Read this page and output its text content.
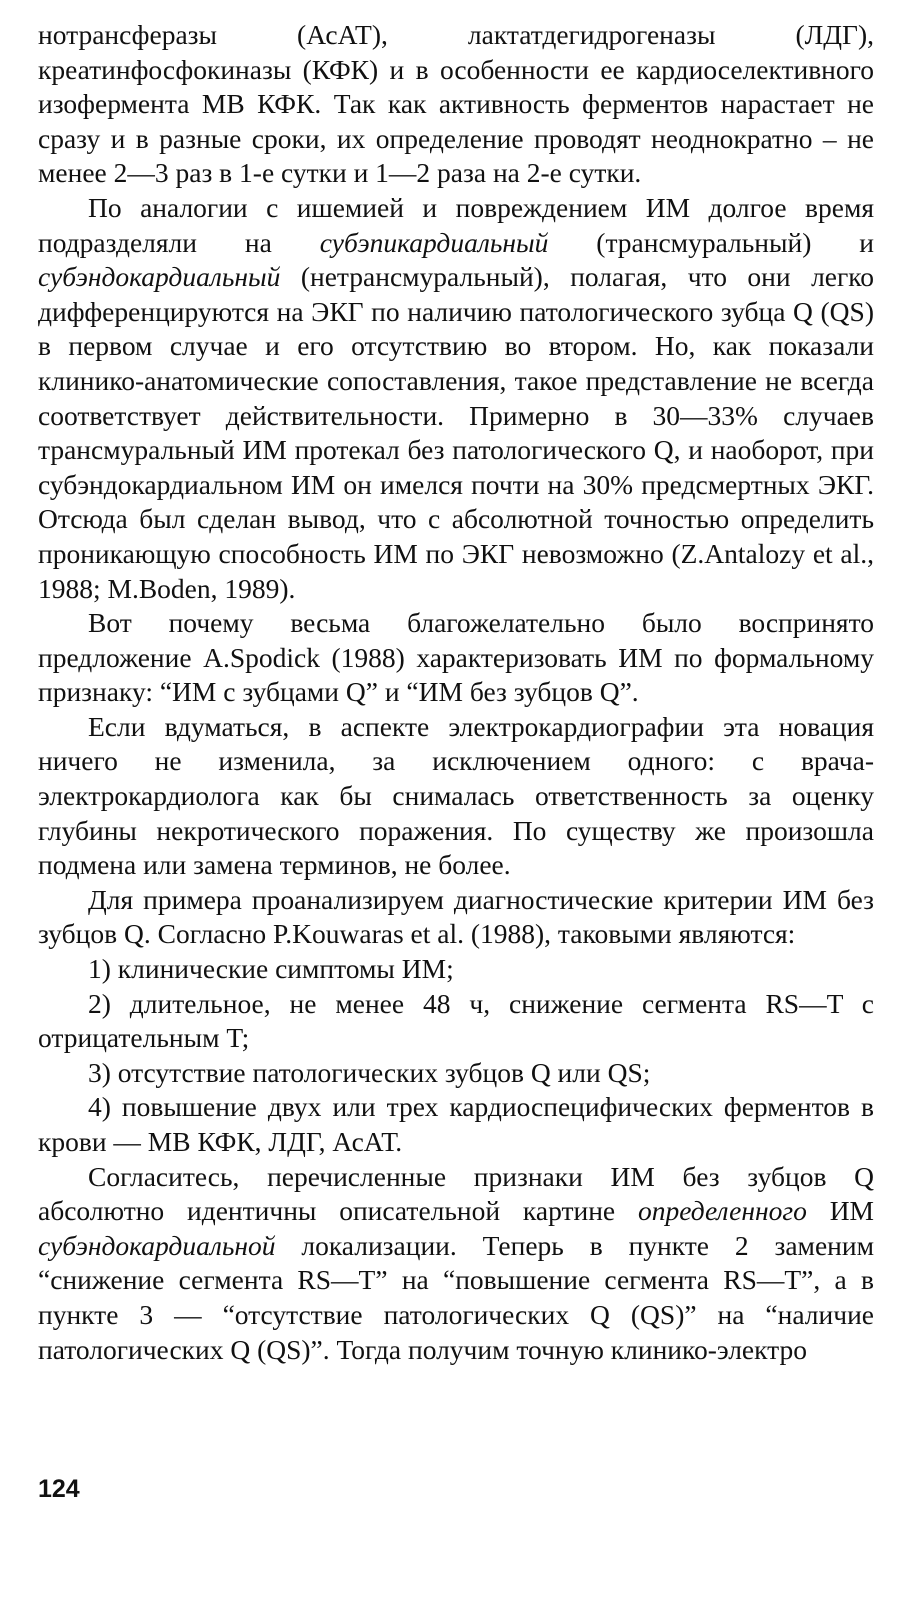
нотрансферазы (АсАТ), лактатдегидрогеназы (ЛДГ), креатинфосфокиназы (КФК) и в особенности ее кардиоселективного изофермента МВ КФК. Так как активность ферментов нарастает не сразу и в разные сроки, их определение проводят неоднократно – не менее 2—3 раз в 1-е сутки и 1—2 раза на 2-е сутки.

По аналогии с ишемией и повреждением ИМ долгое время подразделяли на субэпикардиальный (трансмуральный) и субэндокардиальный (нетрансмуральный), полагая, что они легко дифференцируются на ЭКГ по наличию патологического зубца Q (QS) в первом случае и его отсутствию во втором. Но, как показали клинико-анатомические сопоставления, такое представление не всегда соответствует действительности. Примерно в 30—33% случаев трансмуральный ИМ протекал без патологического Q, и наоборот, при субэндокардиальном ИМ он имелся почти на 30% предсмертных ЭКГ. Отсюда был сделан вывод, что с абсолютной точностью определить проникающую способность ИМ по ЭКГ невозможно (Z.Antalozy et al., 1988; M.Boden, 1989).

Вот почему весьма благожелательно было воспринято предложение A.Spodick (1988) характеризовать ИМ по формальному признаку: “ИМ с зубцами Q” и “ИМ без зубцов Q”.

Если вдуматься, в аспекте электрокардиографии эта новация ничего не изменила, за исключением одного: с врача-электрокардиолога как бы снималась ответственность за оценку глубины некротического поражения. По существу же произошла подмена или замена терминов, не более.

Для примера проанализируем диагностические критерии ИМ без зубцов Q. Согласно P.Kouwaras et al. (1988), таковыми являются:

1) клинические симптомы ИМ;

2) длительное, не менее 48 ч, снижение сегмента RS—T с отрицательным T;

3) отсутствие патологических зубцов Q или QS;

4) повышение двух или трех кардиоспецифических ферментов в крови — МВ КФК, ЛДГ, АсАТ.

Согласитесь, перечисленные признаки ИМ без зубцов Q абсолютно идентичны описательной картине определенного ИМ субэндокардиальной локализации. Теперь в пункте 2 заменим “снижение сегмента RS—T” на “повышение сегмента RS—T”, а в пункте 3 — “отсутствие патологических Q (QS)” на “наличие патологических Q (QS)”. Тогда получим точную клинико-электро

124
